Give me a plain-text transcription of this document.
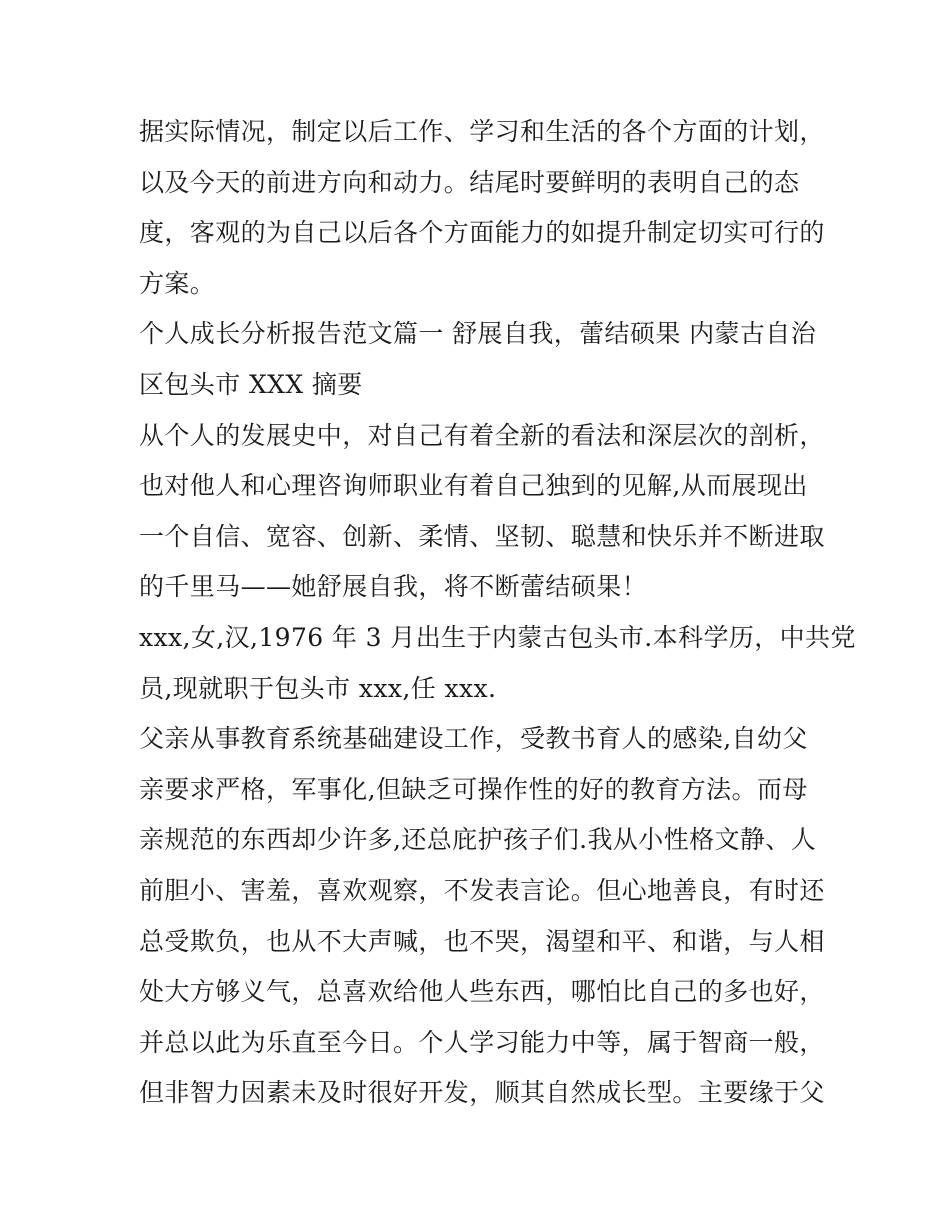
据实际情况，制定以后工作、学习和生活的各个方面的计划，
以及今天的前进方向和动力。结尾时要鲜明的表明自己的态
度，客观的为自己以后各个方面能力的如提升制定切实可行的
方案。
个人成长分析报告范文篇一 舒展自我，蕾结硕果 内蒙古自治
区包头市 XXX 摘要
从个人的发展史中，对自己有着全新的看法和深层次的剖析，
也对他人和心理咨询师职业有着自己独到的见解,从而展现出
一个自信、宽容、创新、柔情、坚韧、聪慧和快乐并不断进取
的千里马——她舒展自我，将不断蕾结硕果！
xxx,女,汉,1976 年 3 月出生于内蒙古包头市.本科学历，中共党
员,现就职于包头市 xxx,任 xxx.
父亲从事教育系统基础建设工作，受教书育人的感染,自幼父
亲要求严格，军事化,但缺乏可操作性的好的教育方法。而母
亲规范的东西却少许多,还总庇护孩子们.我从小性格文静、人
前胆小、害羞，喜欢观察，不发表言论。但心地善良，有时还
总受欺负，也从不大声喊，也不哭，渴望和平、和谐，与人相
处大方够义气，总喜欢给他人些东西，哪怕比自己的多也好，
并总以此为乐直至今日。个人学习能力中等，属于智商一般，
但非智力因素未及时很好开发，顺其自然成长型。主要缘于父
